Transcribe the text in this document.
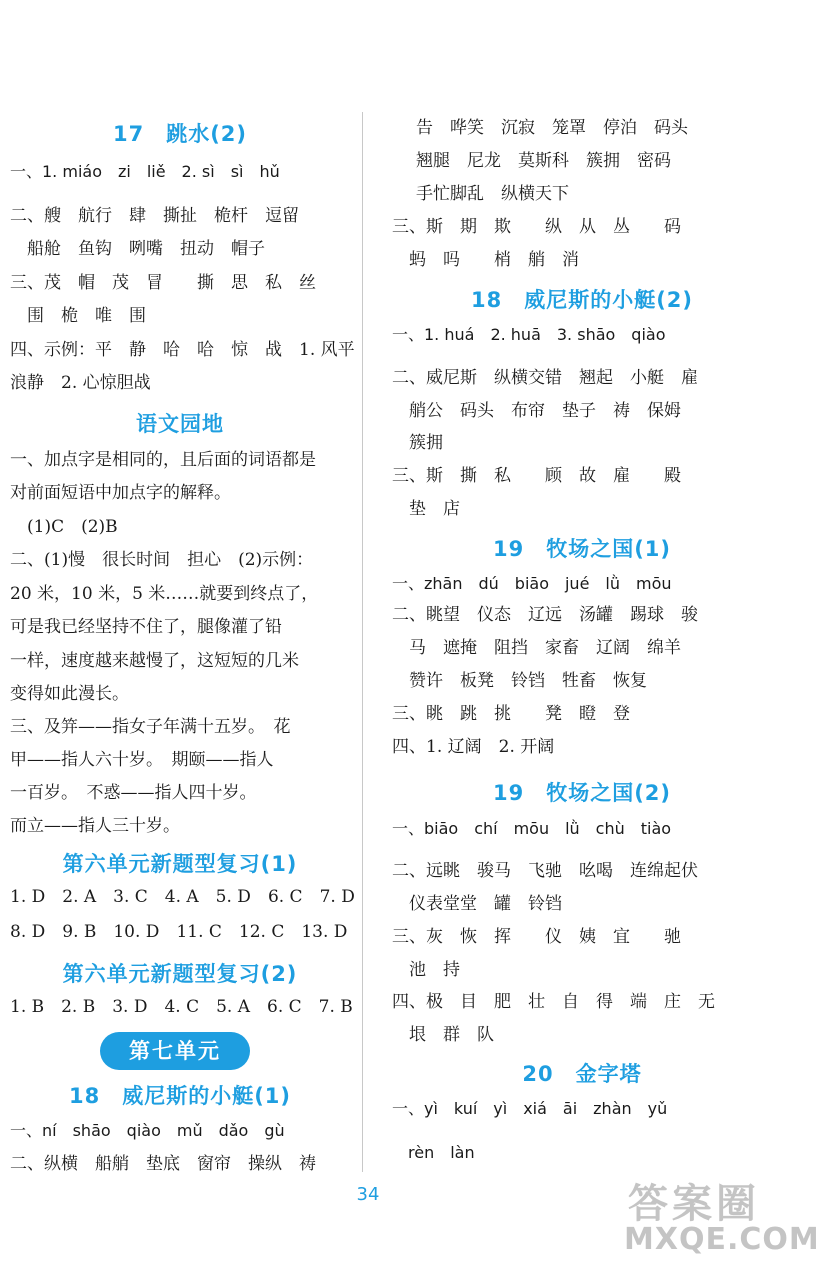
17　跳水(2)
一、1. miáo　zi　liě　2. sì　sì　hǔ
二、艘　航行　肆　撕扯　桅杆　逗留
　船舱　鱼钩　咧嘴　扭动　帽子
三、茂　帽　茂　冒　　撕　思　私　丝
　围　桅　唯　围
四、示例：平　静　哈　哈　惊　战　1. 风平
浪静　2. 心惊胆战
语文园地
一、加点字是相同的，且后面的词语都是
对前面短语中加点字的解释。
　(1)C　(2)B
二、(1)慢　很长时间　担心　(2)示例：
20 米，10 米，5 米……就要到终点了，
可是我已经坚持不住了，腿像灌了铅
一样，速度越来越慢了，这短短的几米
变得如此漫长。
三、及笄——指女子年满十五岁。　花
甲——指人六十岁。　期颐——指人
一百岁。　不惑——指人四十岁。
而立——指人三十岁。
第六单元新题型复习(1)
1. D　2. A　3. C　4. A　5. D　6. C　7. D
8. D　9. B　10. D　11. C　12. C　13. D
第六单元新题型复习(2)
1. B　2. B　3. D　4. C　5. A　6. C　7. B
18　威尼斯的小艇(1)
一、ní　shāo　qiào　mǔ　dǎo　gù
二、纵横　船艄　垫底　窗帘　操纵　祷
第七单元
告　哗笑　沉寂　笼罩　停泊　码头
翘腿　尼龙　莫斯科　簇拥　密码
手忙脚乱　纵横天下
三、斯　期　欺　　纵　从　丛　　码
　蚂　吗　　梢　艄　消
18　威尼斯的小艇(2)
一、1. huá　2. huā　3. shāo　qiào
二、威尼斯　纵横交错　翘起　小艇　雇
　艄公　码头　布帘　垫子　祷　保姆
　簇拥
三、斯　撕　私　　顾　故　雇　　殿
　垫　店
19　牧场之国(1)
一、zhān　dú　biāo　jué　lǜ　mōu
二、眺望　仪态　辽远　汤罐　踢球　骏
　马　遮掩　阻挡　家畜　辽阔　绵羊
　赞许　板凳　铃铛　牲畜　恢复
三、眺　跳　挑　　凳　瞪　登
四、1. 辽阔　2. 开阔
19　牧场之国(2)
一、biāo　chí　mōu　lǜ　chù　tiào
二、远眺　骏马　飞驰　吆喝　连绵起伏
　仪表堂堂　罐　铃铛
三、灰　恢　挥　　仪　姨　宜　　驰
　池　持
四、极　目　肥　壮　自　得　端　庄　无
　垠　群　队
20　金字塔
一、yì　kuí　yì　xiá　āi　zhàn　yǔ
　rèn　làn
34	答案圈
MXQE.COM
